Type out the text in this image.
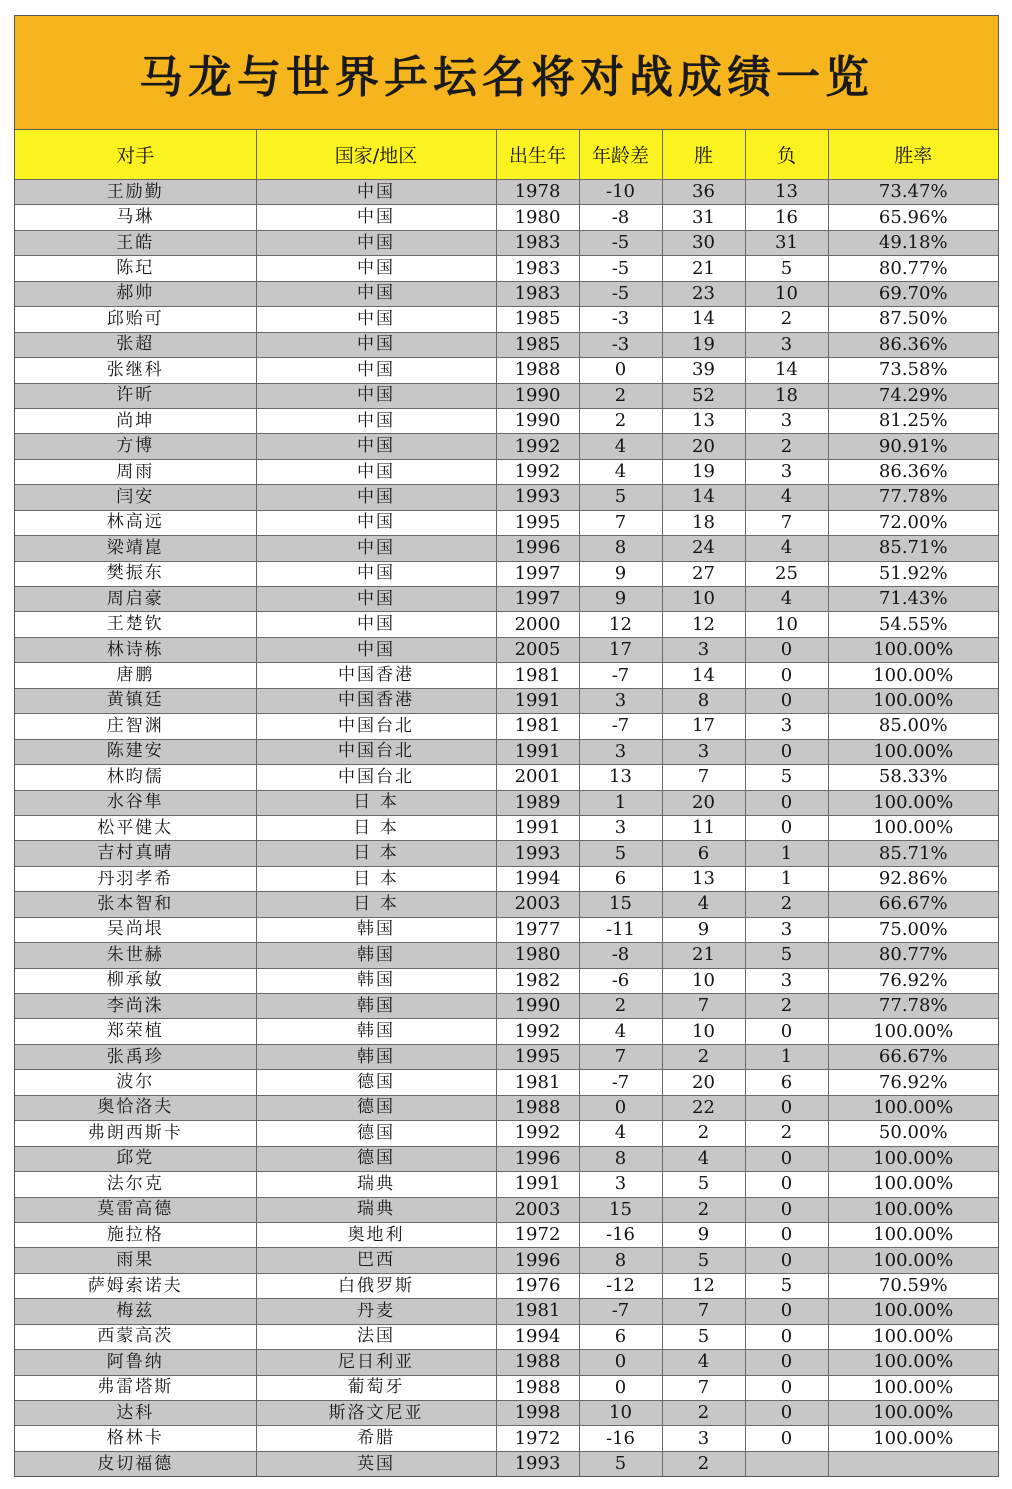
马龙与世界乒坛名将对战成绩一览
对手	国家/地区	出生年	年龄差	胜	负	胜率
王励勤	中国	1978	-10	36	13	73.47%
马琳	中国	1980	-8	31	16	65.96%
王皓	中国	1983	-5	30	31	49.18%
陈玘	中国	1983	-5	21	5	80.77%
郝帅	中国	1983	-5	23	10	69.70%
邱贻可	中国	1985	-3	14	2	87.50%
张超	中国	1985	-3	19	3	86.36%
张继科	中国	1988	0	39	14	73.58%
许昕	中国	1990	2	52	18	74.29%
尚坤	中国	1990	2	13	3	81.25%
方博	中国	1992	4	20	2	90.91%
周雨	中国	1992	4	19	3	86.36%
闫安	中国	1993	5	14	4	77.78%
林高远	中国	1995	7	18	7	72.00%
梁靖崑	中国	1996	8	24	4	85.71%
樊振东	中国	1997	9	27	25	51.92%
周启豪	中国	1997	9	10	4	71.43%
王楚钦	中国	2000	12	12	10	54.55%
林诗栋	中国	2005	17	3	0	100.00%
唐鹏	中国香港	1981	-7	14	0	100.00%
黄镇廷	中国香港	1991	3	8	0	100.00%
庄智渊	中国台北	1981	-7	17	3	85.00%
陈建安	中国台北	1991	3	3	0	100.00%
林昀儒	中国台北	2001	13	7	5	58.33%
水谷隼	日 本	1989	1	20	0	100.00%
松平健太	日 本	1991	3	11	0	100.00%
吉村真晴	日 本	1993	5	6	1	85.71%
丹羽孝希	日 本	1994	6	13	1	92.86%
张本智和	日 本	2003	15	4	2	66.67%
吴尚垠	韩国	1977	-11	9	3	75.00%
朱世赫	韩国	1980	-8	21	5	80.77%
柳承敏	韩国	1982	-6	10	3	76.92%
李尚洙	韩国	1990	2	7	2	77.78%
郑荣植	韩国	1992	4	10	0	100.00%
张禹珍	韩国	1995	7	2	1	66.67%
波尔	德国	1981	-7	20	6	76.92%
奥恰洛夫	德国	1988	0	22	0	100.00%
弗朗西斯卡	德国	1992	4	2	2	50.00%
邱党	德国	1996	8	4	0	100.00%
法尔克	瑞典	1991	3	5	0	100.00%
莫雷高德	瑞典	2003	15	2	0	100.00%
施拉格	奥地利	1972	-16	9	0	100.00%
雨果	巴西	1996	8	5	0	100.00%
萨姆索诺夫	白俄罗斯	1976	-12	12	5	70.59%
梅兹	丹麦	1981	-7	7	0	100.00%
西蒙高茨	法国	1994	6	5	0	100.00%
阿鲁纳	尼日利亚	1988	0	4	0	100.00%
弗雷塔斯	葡萄牙	1988	0	7	0	100.00%
达科	斯洛文尼亚	1998	10	2	0	100.00%
格林卡	希腊	1972	-16	3	0	100.00%
皮切福德	英国	1993	5	2		
